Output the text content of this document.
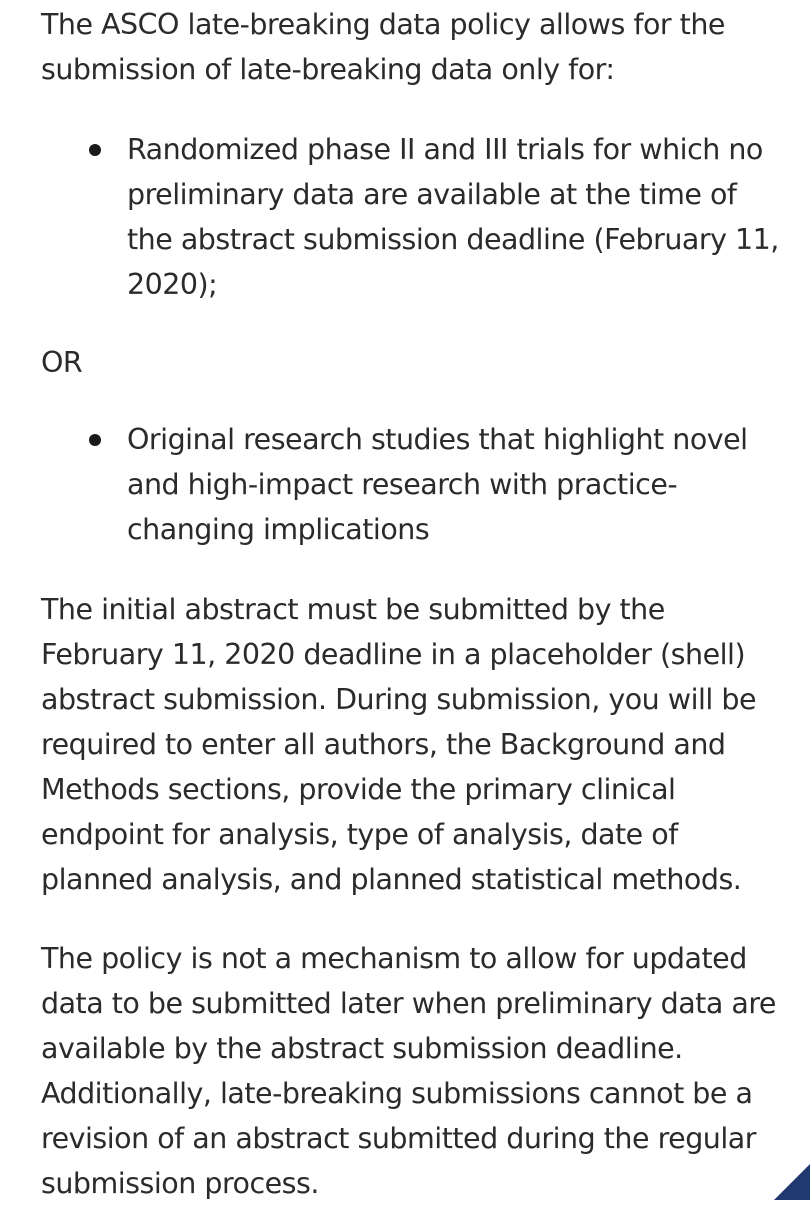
The ASCO late-breaking data policy allows for the submission of late-breaking data only for:

Randomized phase II and III trials for which no preliminary data are available at the time of the abstract submission deadline (February 11, 2020);

OR

Original research studies that highlight novel and high-impact research with practice-changing implications

The initial abstract must be submitted by the February 11, 2020 deadline in a placeholder (shell) abstract submission. During submission, you will be required to enter all authors, the Background and Methods sections, provide the primary clinical endpoint for analysis, type of analysis, date of planned analysis, and planned statistical methods.

The policy is not a mechanism to allow for updated data to be submitted later when preliminary data are available by the abstract submission deadline. Additionally, late-breaking submissions cannot be a revision of an abstract submitted during the regular submission process.
